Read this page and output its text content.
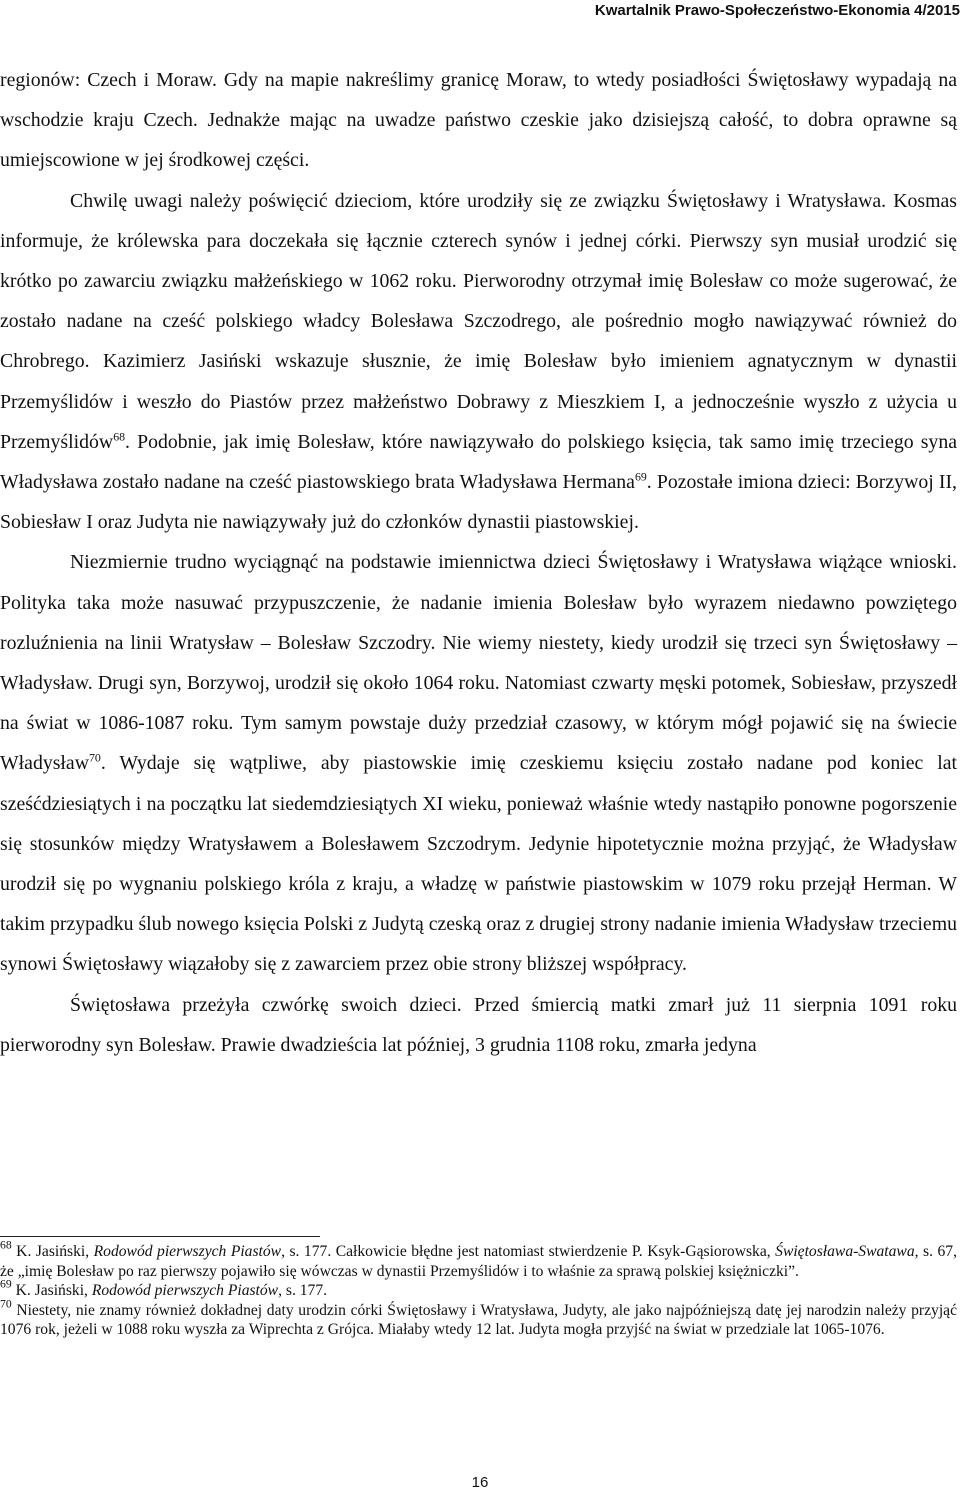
Kwartalnik Prawo-Społeczeństwo-Ekonomia 4/2015

regionów: Czech i Moraw. Gdy na mapie nakreślimy granicę Moraw, to wtedy posiadłości Świętosławy wypadają na wschodzie kraju Czech. Jednakże mając na uwadze państwo czeskie jako dzisiejszą całość, to dobra oprawne są umiejscowione w jej środkowej części.

Chwilę uwagi należy poświęcić dzieciom, które urodziły się ze związku Świętosławy i Wratysława. Kosmas informuje, że królewska para doczekała się łącznie czterech synów i jednej córki. Pierwszy syn musiał urodzić się krótko po zawarciu związku małżeńskiego w 1062 roku. Pierworodny otrzymał imię Bolesław co może sugerować, że zostało nadane na cześć polskiego władcy Bolesława Szczodrego, ale pośrednio mogło nawiązywać również do Chrobrego. Kazimierz Jasiński wskazuje słusznie, że imię Bolesław było imieniem agnatycznym w dynastii Przemyślidów i weszło do Piastów przez małżeństwo Dobrawy z Mieszkiem I, a jednocześnie wyszło z użycia u Przemyślidów$^{68}$. Podobnie, jak imię Bolesław, które nawiązywało do polskiego księcia, tak samo imię trzeciego syna Władysława zostało nadane na cześć piastowskiego brata Władysława Hermana$^{69}$. Pozostałe imiona dzieci: Borzywoj II, Sobiesław I oraz Judyta nie nawiązywały już do członków dynastii piastowskiej.

Niezmiernie trudno wyciągnąć na podstawie imiennictwa dzieci Świętosławy i Wratysława wiążące wnioski. Polityka taka może nasuwać przypuszczenie, że nadanie imienia Bolesław było wyrazem niedawno powziętego rozluźnienia na linii Wratysław – Bolesław Szczodry. Nie wiemy niestety, kiedy urodził się trzeci syn Świętosławy – Władysław. Drugi syn, Borzywoj, urodził się około 1064 roku. Natomiast czwarty męski potomek, Sobiesław, przyszedł na świat w 1086-1087 roku. Tym samym powstaje duży przedział czasowy, w którym mógł pojawić się na świecie Władysław$^{70}$. Wydaje się wątpliwe, aby piastowskie imię czeskiemu księciu zostało nadane pod koniec lat sześćdziesiątych i na początku lat siedemdziesiątych XI wieku, ponieważ właśnie wtedy nastąpiło ponowne pogorszenie się stosunków między Wratysławem a Bolesławem Szczodrym. Jedynie hipotetycznie można przyjąć, że Władysław urodził się po wygnaniu polskiego króla z kraju, a władzę w państwie piastowskim w 1079 roku przejął Herman. W takim przypadku ślub nowego księcia Polski z Judytą czeską oraz z drugiej strony nadanie imienia Władysław trzeciemu synowi Świętosławy wiązałoby się z zawarciem przez obie strony bliższej współpracy.

Świętosława przeżyła czwórkę swoich dzieci. Przed śmiercią matki zmarł już 11 sierpnia 1091 roku pierworodny syn Bolesław. Prawie dwadzieścia lat później, 3 grudnia 1108 roku, zmarła jedyna

$^{68}$ K. Jasiński, Rodowód pierwszych Piastów, s. 177. Całkowicie błędne jest natomiast stwierdzenie P. Ksyk-Gąsiorowska, Świętosława-Swatawa, s. 67, że „imię Bolesław po raz pierwszy pojawiło się wówczas w dynastii Przemyślidów i to właśnie za sprawą polskiej księżniczki”.

$^{69}$ K. Jasiński, Rodowód pierwszych Piastów, s. 177.

$^{70}$ Niestety, nie znamy również dokładnej daty urodzin córki Świętosławy i Wratysława, Judyty, ale jako najpóźniejszą datę jej narodzin należy przyjąć 1076 rok, jeżeli w 1088 roku wyszła za Wiprechta z Grójca. Miałaby wtedy 12 lat. Judyta mogła przyjść na świat w przedziale lat 1065-1076.

16
